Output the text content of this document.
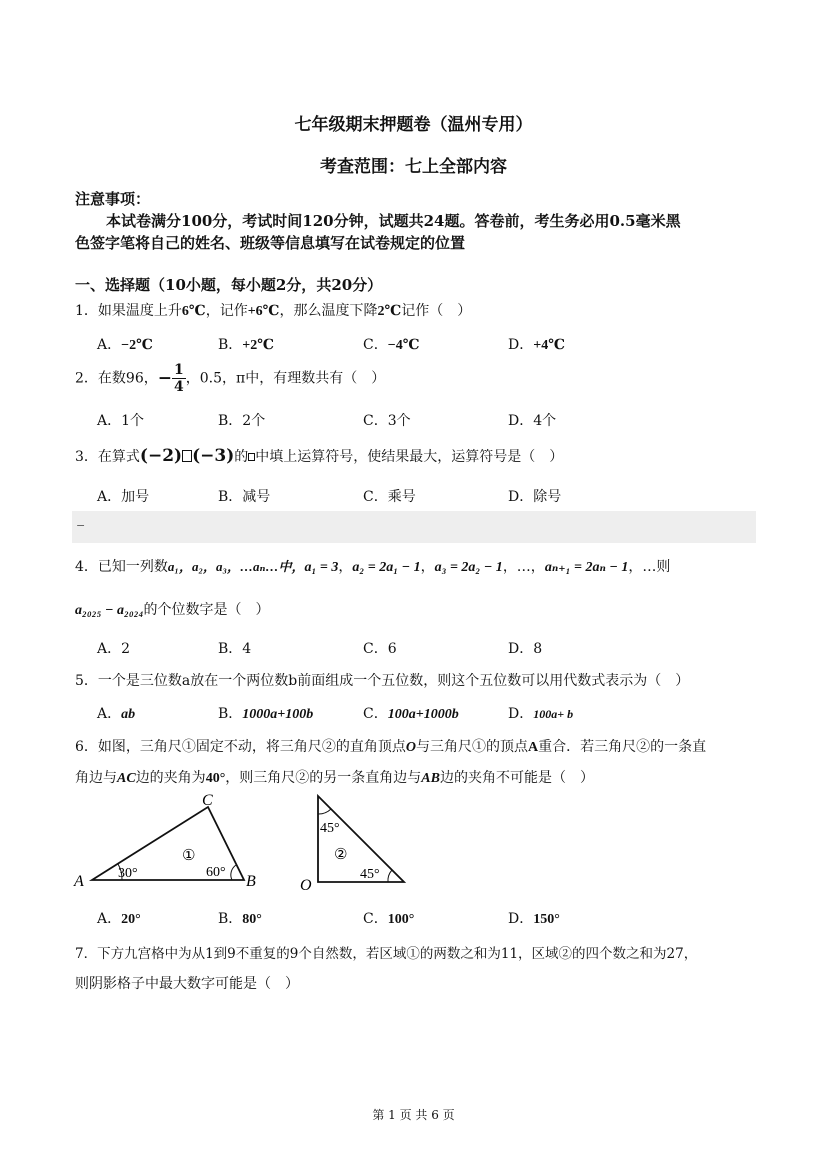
七年级期末押题卷（温州专用）
考查范围：七上全部内容
注意事项：
本试卷满分100分，考试时间120分钟，试题共24题。答卷前，考生务必用0.5毫米黑
色签字笔将自己的姓名、班级等信息填写在试卷规定的位置
一、选择题（10小题，每小题2分，共20分）
1．如果温度上升6℃，记作+6℃，那么温度下降2℃记作（　）
A．−2℃	B．+2℃	C．−4℃	D．+4℃
2．在数96，− $\frac{1}{4}$ ，0.5̇，π中，有理数共有（　）
A．1个	B．2个	C．3个	D．4个
3．在算式(−2) (−3)的 中填上运算符号，使结果最大，运算符号是（　）
A．加号	B．减号	C．乘号	D．除号
−
4．已知一列数a₁，a₂，a₃，…aₙ…中，a₁ = 3，a₂ = 2a₁ − 1，a₃ = 2a₂ − 1，…，aₙ₊₁ = 2aₙ − 1，…则
a₂₀₂₅ − a₂₀₂₄的个位数字是（　）
A．2	B．4	C．6	D．8
5．一个是三位数a放在一个两位数b前面组成一个五位数，则这个五位数可以用代数式表示为（　）
A．ab	B．1000a+100b	C．100a+1000b	D．100a+ b
6．如图，三角尺①固定不动，将三角尺②的直角顶点O与三角尺①的顶点A重合．若三角尺②的一条直
角边与AC边的夹角为40°，则三角尺②的另一条直角边与AB边的夹角不可能是（　）
A	B
C
30°	60°
①
O
45°
45°
②
A．20°	B．80°	C．100°	D．150°
7．下方九宫格中为从1到9不重复的9个自然数，若区域①的两数之和为11，区域②的四个数之和为27，
则阴影格子中最大数字可能是（　）
第 1 页 共 6 页
